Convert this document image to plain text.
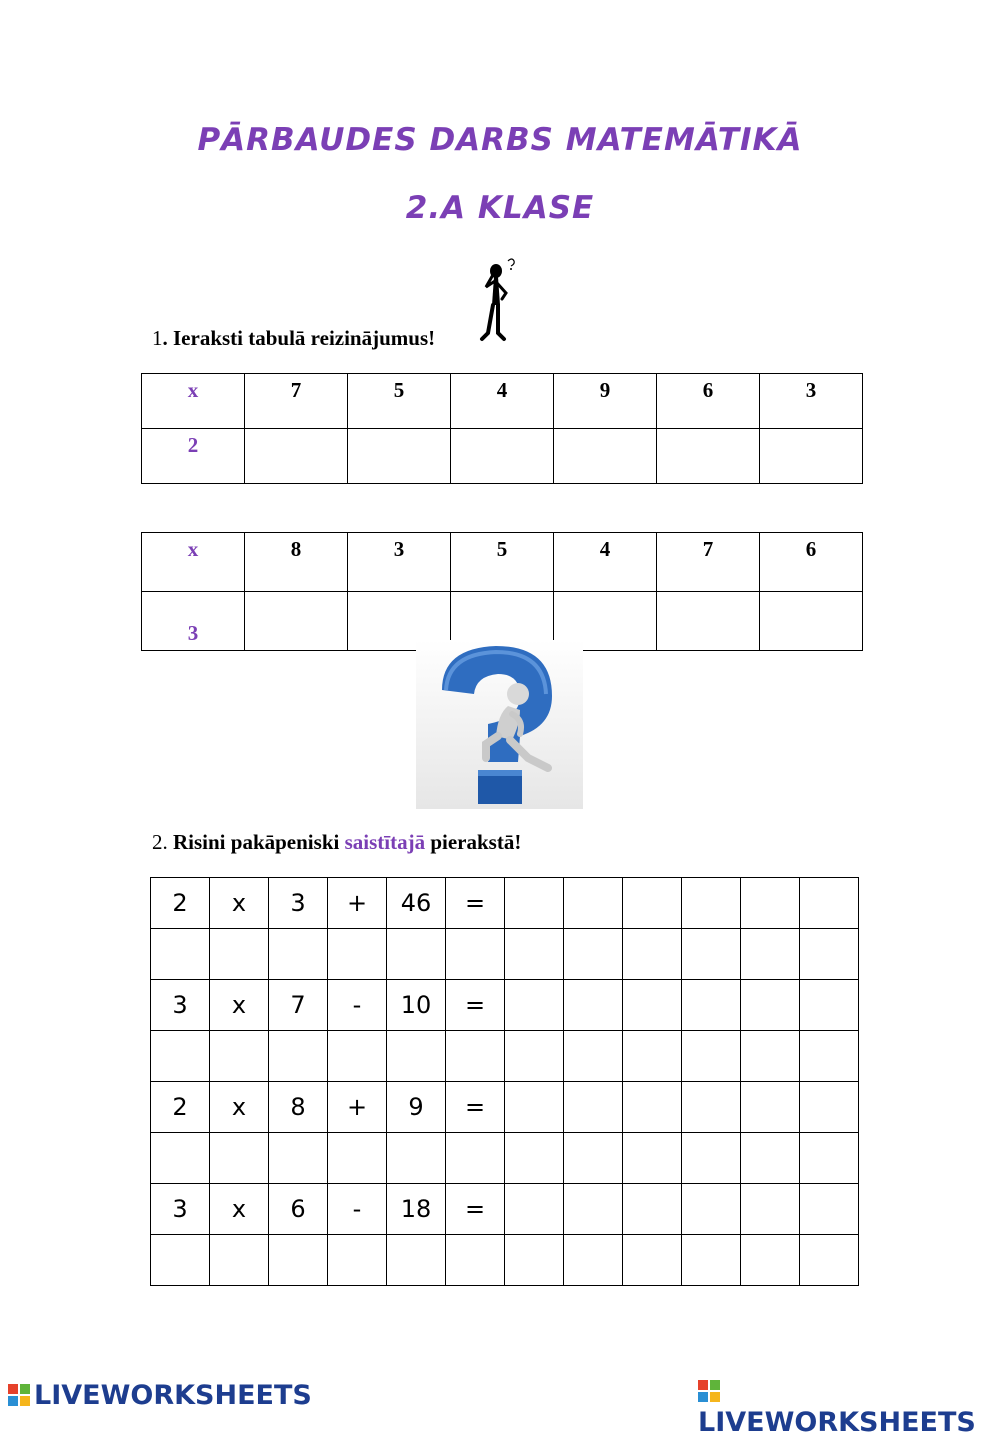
PĀRBAUDES DARBS MATEMĀTIKĀ
2.A KLASE
1. Ieraksti tabulā reizinājumus!
x	7	5	4	9	6	3
2						
x	8	3	5	4	7	6
3						
2. Risini pakāpeniski saistītajā pierakstā!
2	x	3	+	46	=						

3	x	7	-	10	=						

2	x	8	+	9	=						

3	x	6	-	18	=						

LIVEWORKSHEETS
LIVEWORKSHEETS
